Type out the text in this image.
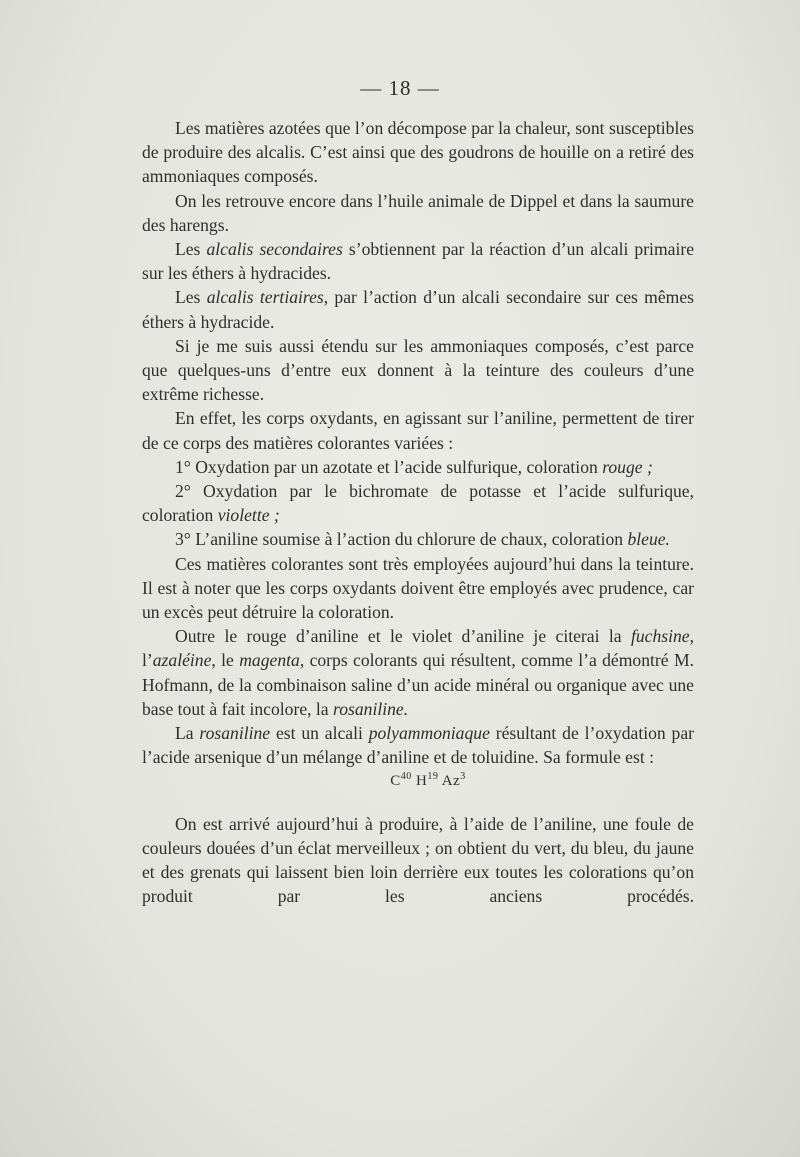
— 18 —

Les matières azotées que l’on décompose par la chaleur, sont susceptibles de produire des alcalis. C’est ainsi que des goudrons de houille on a retiré des ammoniaques composés.

On les retrouve encore dans l’huile animale de Dippel et dans la saumure des harengs.

Les alcalis secondaires s’obtiennent par la réaction d’un alcali primaire sur les éthers à hydracides.

Les alcalis tertiaires, par l’action d’un alcali secondaire sur ces mêmes éthers à hydracide.

Si je me suis aussi étendu sur les ammoniaques composés, c’est parce que quelques-uns d’entre eux donnent à la teinture des couleurs d’une extrême richesse.

En effet, les corps oxydants, en agissant sur l’aniline, permettent de tirer de ce corps des matières colorantes variées :

1° Oxydation par un azotate et l’acide sulfurique, coloration rouge ;

2° Oxydation par le bichromate de potasse et l’acide sulfurique, coloration violette ;

3° L’aniline soumise à l’action du chlorure de chaux, coloration bleue.

Ces matières colorantes sont très employées aujourd’hui dans la teinture. Il est à noter que les corps oxydants doivent être employés avec prudence, car un excès peut détruire la coloration.

Outre le rouge d’aniline et le violet d’aniline je citerai la fuchsine, l’azaléine, le magenta, corps colorants qui résultent, comme l’a démontré M. Hofmann, de la combinaison saline d’un acide minéral ou organique avec une base tout à fait incolore, la rosaniline.

La rosaniline est un alcali polyammoniaque résultant de l’oxydation par l’acide arsenique d’un mélange d’aniline et de toluidine. Sa formule est :

$C^{40}$ $H^{19}$ Az$^3$

On est arrivé aujourd’hui à produire, à l’aide de l’aniline, une foule de couleurs douées d’un éclat merveilleux ; on obtient du vert, du bleu, du jaune et des grenats qui laissent bien loin derrière eux toutes les colorations qu’on produit par les anciens procédés.
